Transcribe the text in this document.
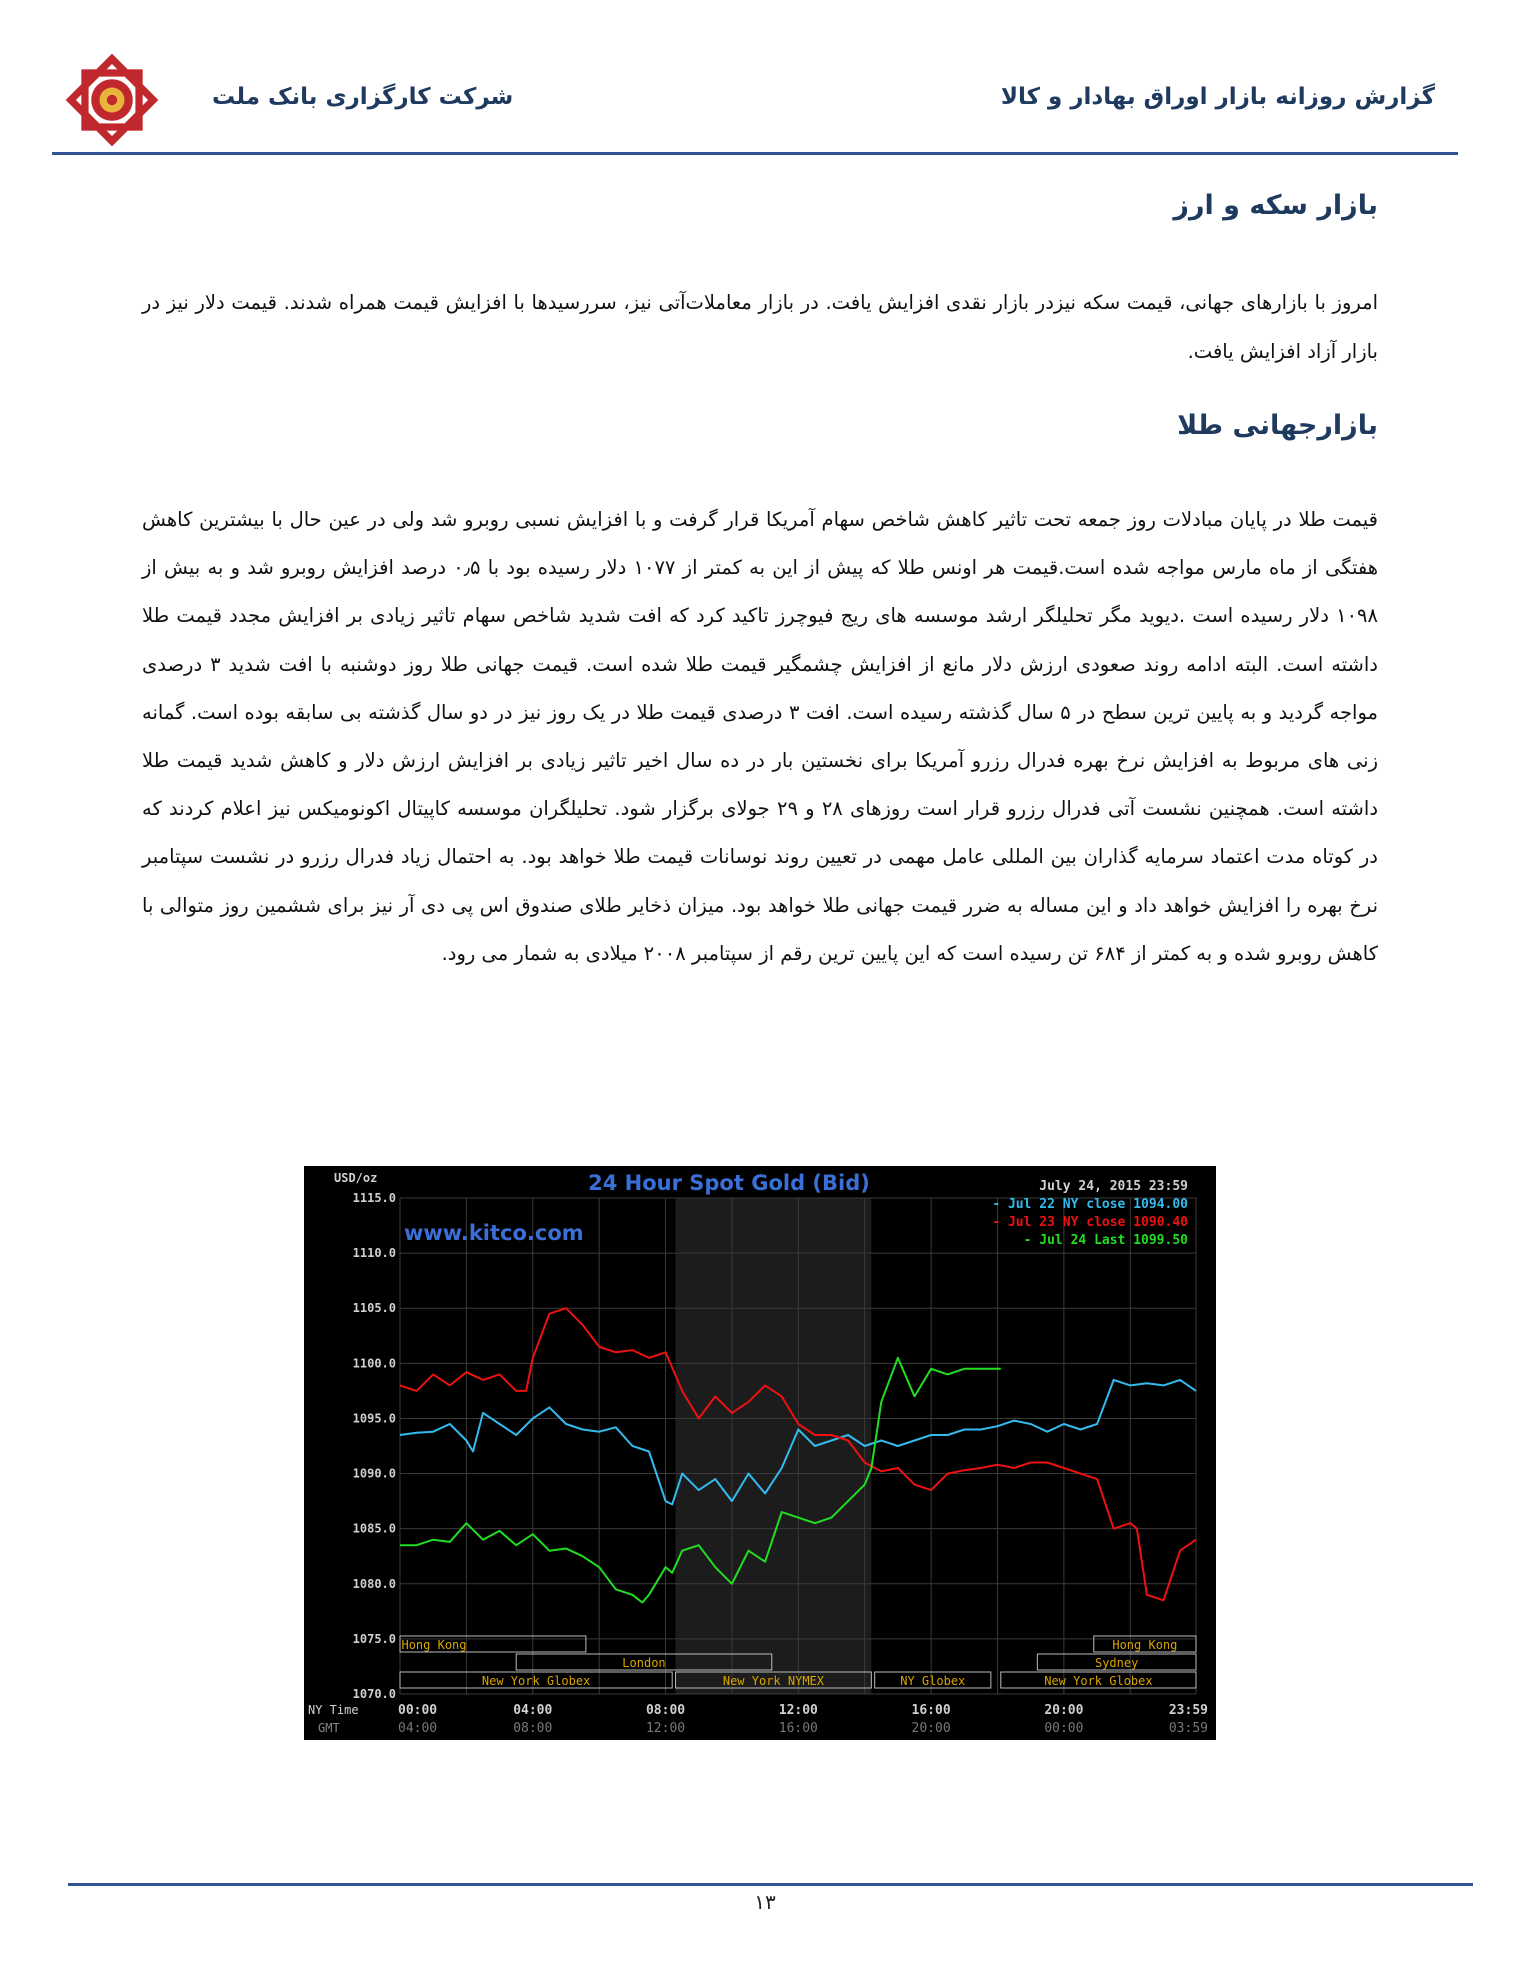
شرکت کارگزاری بانک ملت	گزارش روزانه بازار اوراق بهادار و کالا
بازار سکه و ارز
امروز با بازارهای جهانی، قیمت سکه نیزدر بازار نقدی افزایش یافت. در بازار معاملات‌آتی نیز، سررسیدها با افزایش قیمت همراه شدند. قیمت دلار نیز در بازار آزاد افزایش یافت.
بازارجهانی طلا
قیمت طلا در پایان مبادلات روز جمعه تحت تاثیر کاهش شاخص سهام آمریکا قرار گرفت و با افزایش نسبی روبرو شد ولی در عین حال با بیشترین کاهش هفتگی از ماه مارس مواجه شده است.قیمت هر اونس طلا که پیش از این به کمتر از ۱۰۷۷ دلار رسیده بود با ۰٫۵ درصد افزایش روبرو شد و به بیش از ۱۰۹۸ دلار رسیده است .دیوید مگر تحلیلگر ارشد موسسه های ریج فیوچرز تاکید کرد که افت شدید شاخص سهام تاثیر زیادی بر افزایش مجدد قیمت طلا داشته است. البته ادامه روند صعودی ارزش دلار مانع از افزایش چشمگیر قیمت طلا شده است. قیمت جهانی طلا روز دوشنبه با افت شدید ۳ درصدی مواجه گردید و به پایین ترین سطح در ۵ سال گذشته رسیده است. افت ۳ درصدی قیمت طلا در یک روز نیز در دو سال گذشته بی سابقه بوده است. گمانه زنی های مربوط به افزایش نرخ بهره فدرال رزرو آمریکا برای نخستین بار در ده سال اخیر تاثیر زیادی بر افزایش ارزش دلار و کاهش شدید قیمت طلا داشته است. همچنین نشست آتی فدرال رزرو قرار است روزهای ۲۸ و ۲۹ جولای برگزار شود. تحلیلگران موسسه کاپیتال اکونومیکس نیز اعلام کردند که در کوتاه مدت اعتماد سرمایه گذاران بین المللی عامل مهمی در تعیین روند نوسانات قیمت طلا خواهد بود. به احتمال زیاد فدرال رزرو در نشست سپتامبر نرخ بهره را افزایش خواهد داد و این مساله به ضرر قیمت جهانی طلا خواهد بود. میزان ذخایر طلای صندوق اس پی دی آر نیز برای ششمین روز متوالی با کاهش روبرو شده و به کمتر از ۶۸۴ تن رسیده است که این پایین ترین رقم از سپتامبر ۲۰۰۸ میلادی به شمار می رود.
1115.0
1110.0
1105.0
1100.0
1095.0
1090.0
1085.0
1080.0
1075.0
1070.0
USD/oz	24 Hour Spot Gold (Bid)
www.kitco.com
July 24, 2015 23:59
Hong Kong
London
New York Globex	New York NYMEX	NY Globex
Hong Kong
Sydney
New York Globex
- Jul 22 NY close 1094.00
- Jul 23 NY close 1090.40
- Jul 24 Last 1099.50
NY Time
GMT
00:00
04:00
04:00
08:00
08:00
12:00
12:00
16:00
16:00
20:00
20:00
00:00
23:59
03:59
۱۳
